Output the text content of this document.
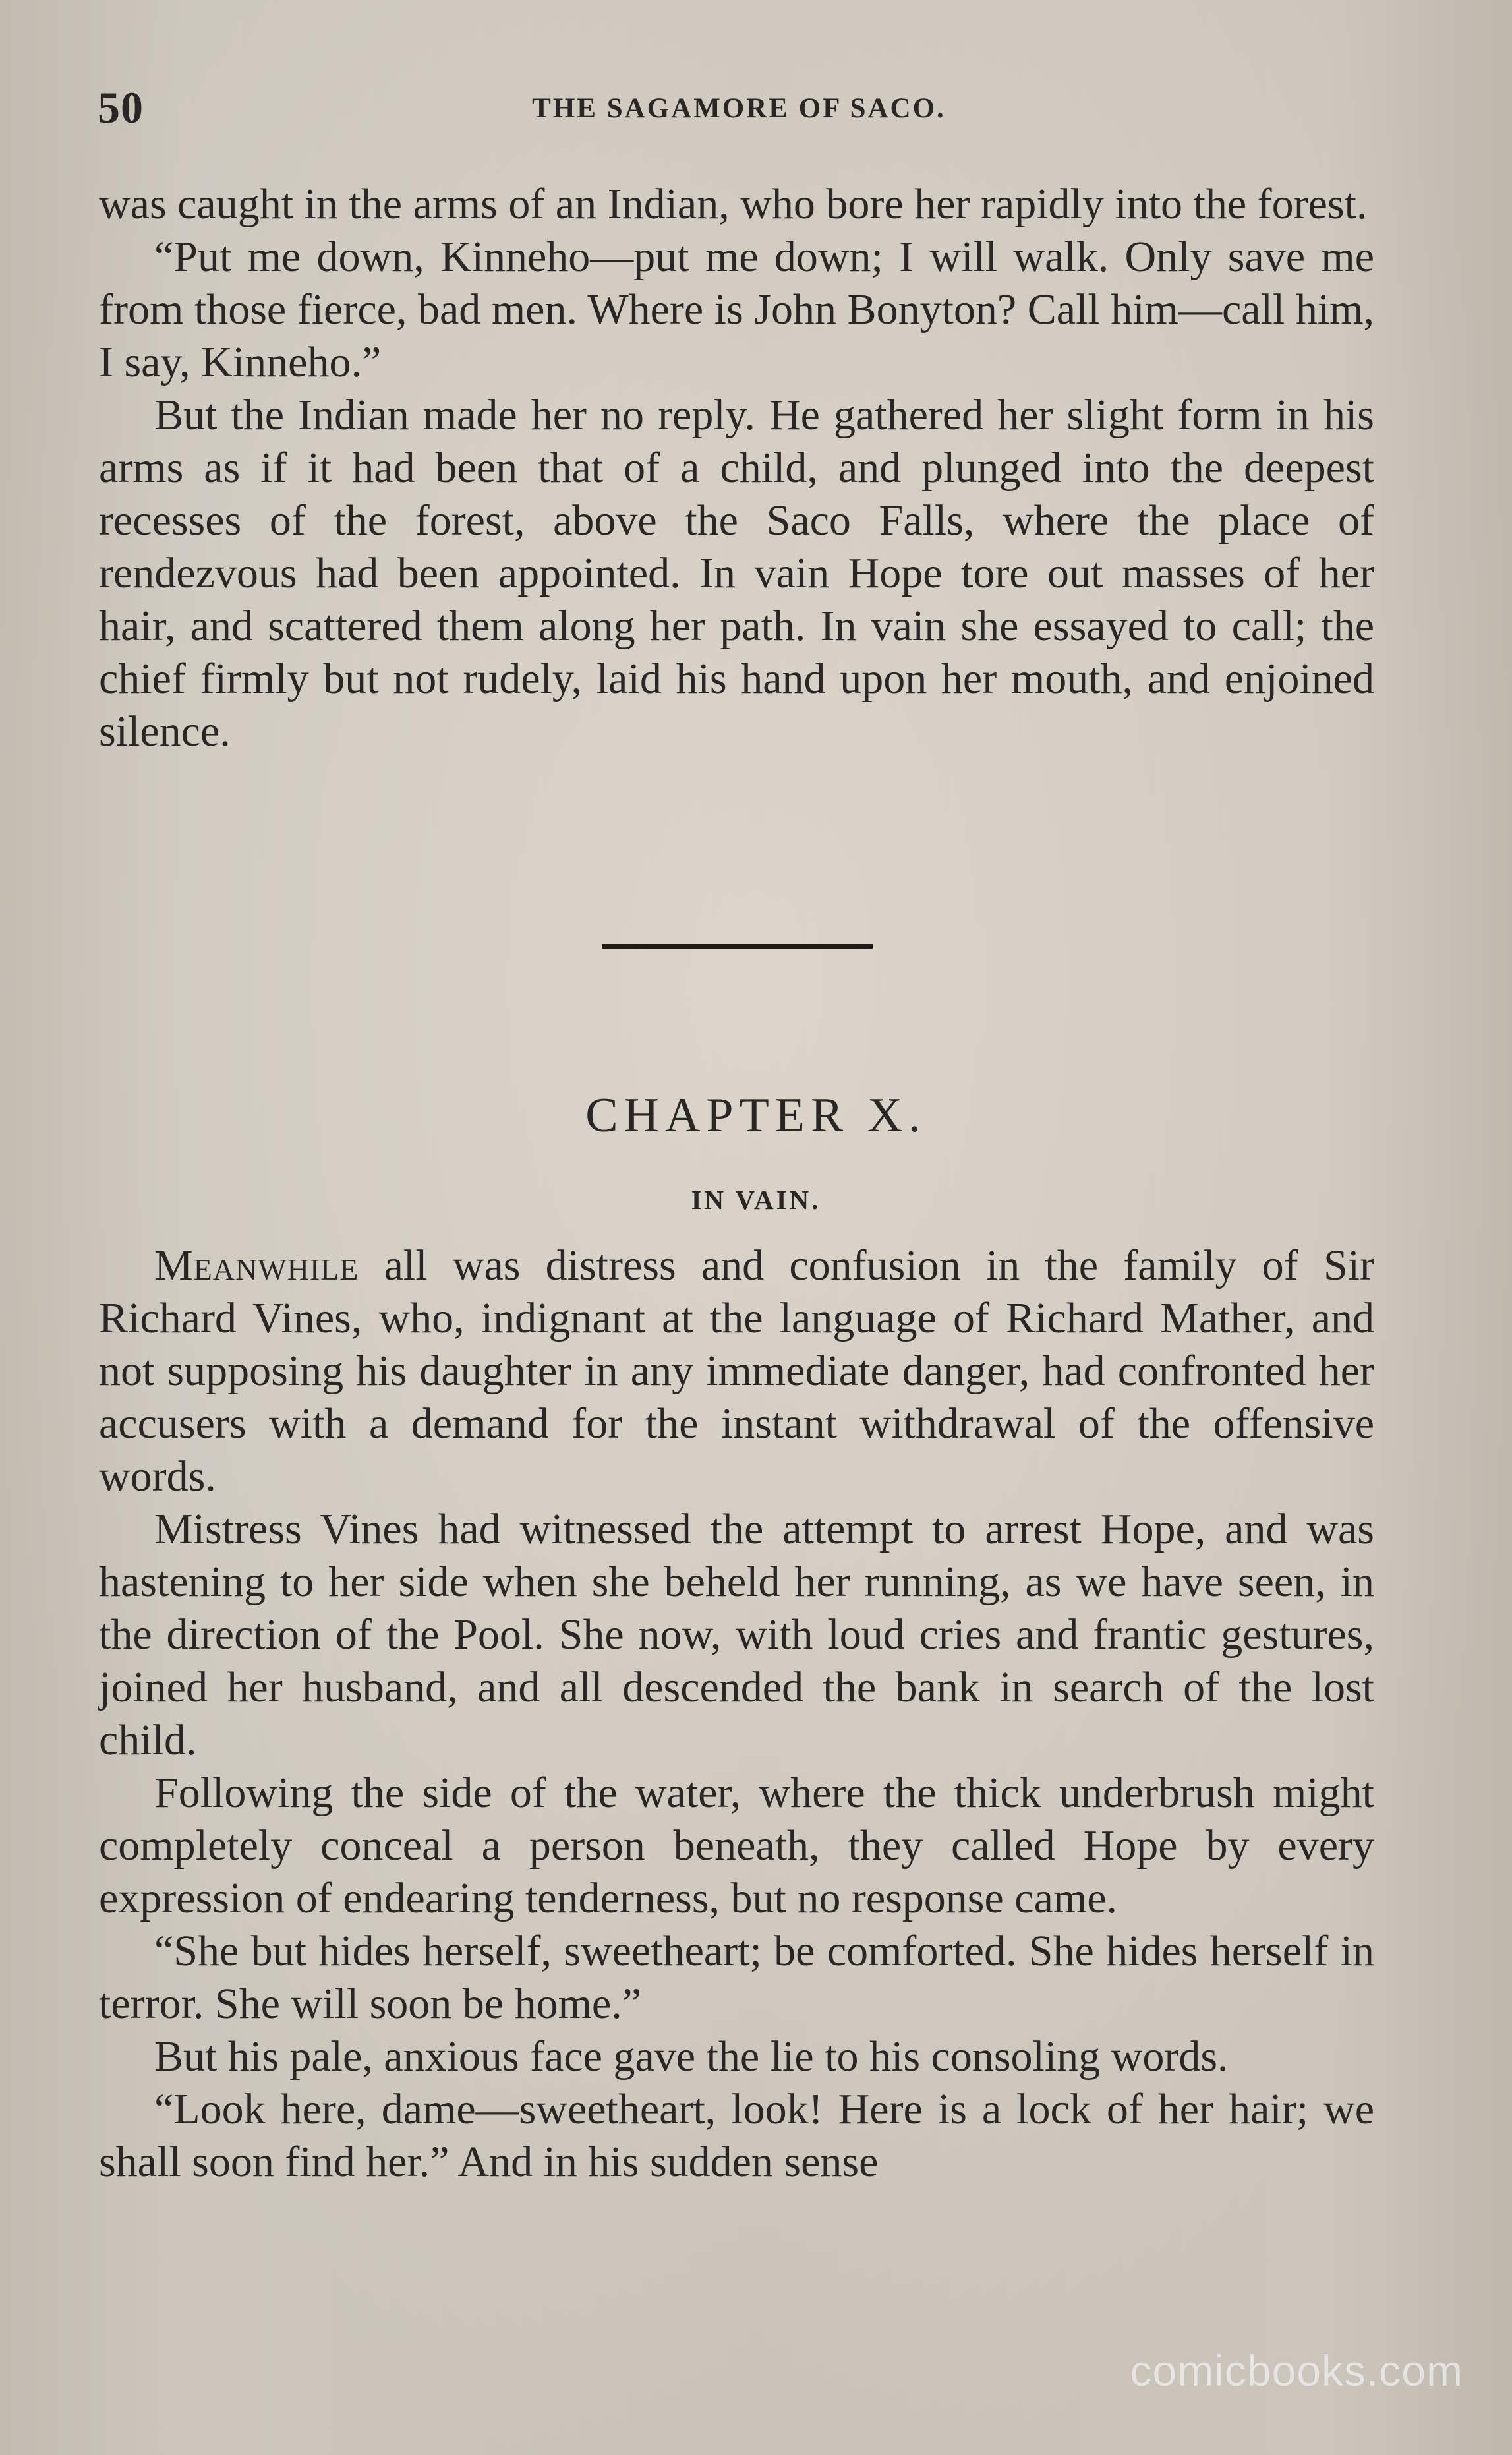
50	THE SAGAMORE OF SACO.

was caught in the arms of an Indian, who bore her rapidly into the forest.

“Put me down, Kinneho—put me down; I will walk. Only save me from those fierce, bad men. Where is John Bonyton? Call him—call him, I say, Kinneho.”

But the Indian made her no reply. He gathered her slight form in his arms as if it had been that of a child, and plunged into the deepest recesses of the forest, above the Saco Falls, where the place of rendezvous had been appointed. In vain Hope tore out masses of her hair, and scattered them along her path. In vain she essayed to call; the chief firmly but not rudely, laid his hand upon her mouth, and enjoined silence.

CHAPTER X.
IN VAIN.

Meanwhile all was distress and confusion in the family of Sir Richard Vines, who, indignant at the language of Richard Mather, and not supposing his daughter in any immediate danger, had confronted her accusers with a demand for the instant withdrawal of the offensive words.

Mistress Vines had witnessed the attempt to arrest Hope, and was hastening to her side when she beheld her running, as we have seen, in the direction of the Pool. She now, with loud cries and frantic gestures, joined her husband, and all descended the bank in search of the lost child.

Following the side of the water, where the thick underbrush might completely conceal a person beneath, they called Hope by every expression of endearing tenderness, but no response came.

“She but hides herself, sweetheart; be comforted. She hides herself in terror. She will soon be home.”

But his pale, anxious face gave the lie to his consoling words.

“Look here, dame—sweetheart, look! Here is a lock of her hair; we shall soon find her.” And in his sudden sense

comicbooks.com
